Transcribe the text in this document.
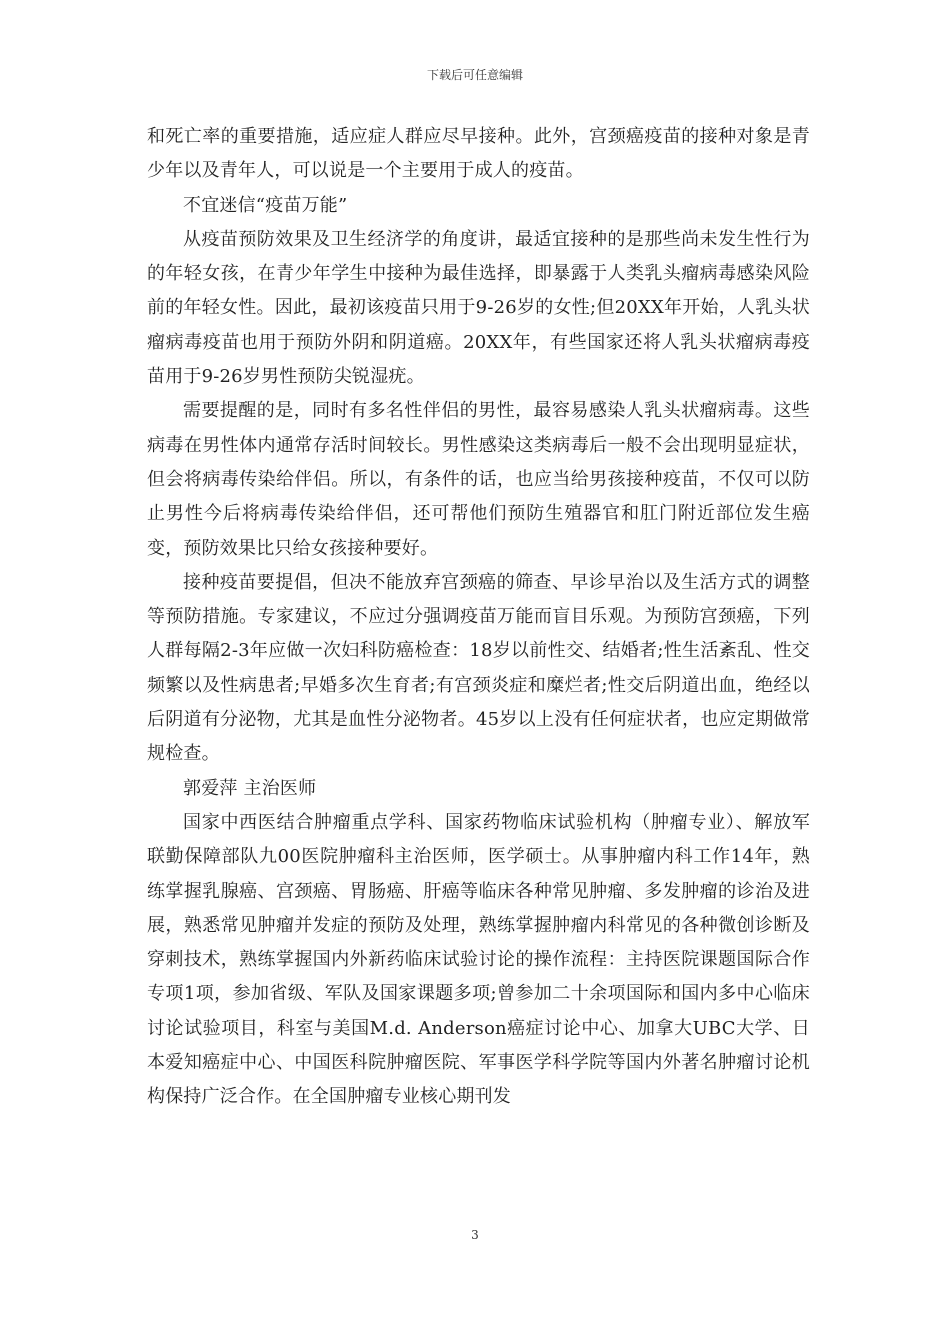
下载后可任意编辑

和死亡率的重要措施，适应症人群应尽早接种。此外，宫颈癌疫苗的接种对象是青少年以及青年人，可以说是一个主要用于成人的疫苗。

不宜迷信“疫苗万能”

从疫苗预防效果及卫生经济学的角度讲，最适宜接种的是那些尚未发生性行为的年轻女孩，在青少年学生中接种为最佳选择，即暴露于人类乳头瘤病毒感染风险前的年轻女性。因此，最初该疫苗只用于9-26岁的女性;但20XX年开始，人乳头状瘤病毒疫苗也用于预防外阴和阴道癌。20XX年，有些国家还将人乳头状瘤病毒疫苗用于9-26岁男性预防尖锐湿疣。

需要提醒的是，同时有多名性伴侣的男性，最容易感染人乳头状瘤病毒。这些病毒在男性体内通常存活时间较长。男性感染这类病毒后一般不会出现明显症状，但会将病毒传染给伴侣。所以，有条件的话，也应当给男孩接种疫苗，不仅可以防止男性今后将病毒传染给伴侣，还可帮他们预防生殖器官和肛门附近部位发生癌变，预防效果比只给女孩接种要好。

接种疫苗要提倡，但决不能放弃宫颈癌的筛查、早诊早治以及生活方式的调整等预防措施。专家建议，不应过分强调疫苗万能而盲目乐观。为预防宫颈癌，下列人群每隔2-3年应做一次妇科防癌检查：18岁以前性交、结婚者;性生活紊乱、性交频繁以及性病患者;早婚多次生育者;有宫颈炎症和糜烂者;性交后阴道出血，绝经以后阴道有分泌物，尤其是血性分泌物者。45岁以上没有任何症状者，也应定期做常规检查。

郭爱萍 主治医师

国家中西医结合肿瘤重点学科、国家药物临床试验机构（肿瘤专业）、解放军联勤保障部队九00医院肿瘤科主治医师，医学硕士。从事肿瘤内科工作14年，熟练掌握乳腺癌、宫颈癌、胃肠癌、肝癌等临床各种常见肿瘤、多发肿瘤的诊治及进展，熟悉常见肿瘤并发症的预防及处理，熟练掌握肿瘤内科常见的各种微创诊断及穿刺技术，熟练掌握国内外新药临床试验讨论的操作流程：主持医院课题国际合作专项1项，参加省级、军队及国家课题多项;曾参加二十余项国际和国内多中心临床讨论试验项目，科室与美国M.d. Anderson癌症讨论中心、加拿大UBC大学、日本爱知癌症中心、中国医科院肿瘤医院、军事医学科学院等国内外著名肿瘤讨论机构保持广泛合作。在全国肿瘤专业核心期刊发

3
